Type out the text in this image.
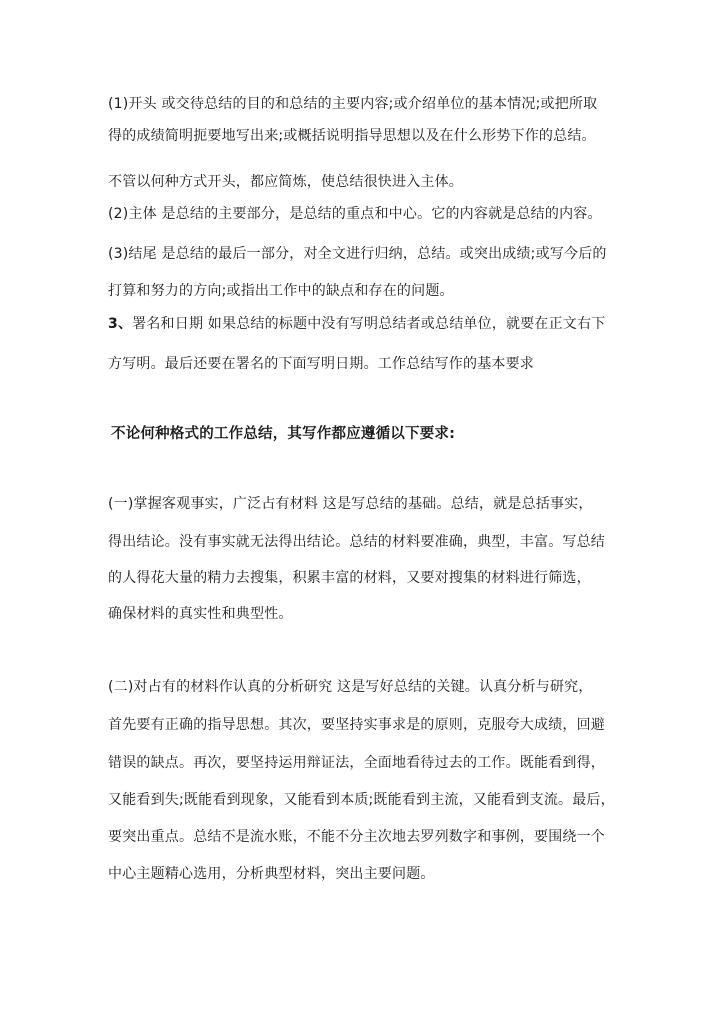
(1)开头 或交待总结的目的和总结的主要内容;或介绍单位的基本情况;或把所取
得的成绩简明扼要地写出来;或概括说明指导思想以及在什么形势下作的总结。
不管以何种方式开头，都应简炼，使总结很快进入主体。
(2)主体 是总结的主要部分，是总结的重点和中心。它的内容就是总结的内容。
(3)结尾 是总结的最后一部分，对全文进行归纳，总结。或突出成绩;或写今后的
打算和努力的方向;或指出工作中的缺点和存在的问题。
3、署名和日期 如果总结的标题中没有写明总结者或总结单位，就要在正文右下
方写明。最后还要在署名的下面写明日期。工作总结写作的基本要求
不论何种格式的工作总结，其写作都应遵循以下要求:
(一)掌握客观事实，广泛占有材料 这是写总结的基础。总结，就是总括事实，
得出结论。没有事实就无法得出结论。总结的材料要准确，典型，丰富。写总结
的人得花大量的精力去搜集，积累丰富的材料，又要对搜集的材料进行筛选，
确保材料的真实性和典型性。
(二)对占有的材料作认真的分析研究 这是写好总结的关键。认真分析与研究，
首先要有正确的指导思想。其次，要坚持实事求是的原则，克服夸大成绩，回避
错误的缺点。再次，要坚持运用辩证法，全面地看待过去的工作。既能看到得，
又能看到失;既能看到现象，又能看到本质;既能看到主流，又能看到支流。最后，
要突出重点。总结不是流水账，不能不分主次地去罗列数字和事例，要围绕一个
中心主题精心选用，分析典型材料，突出主要问题。
